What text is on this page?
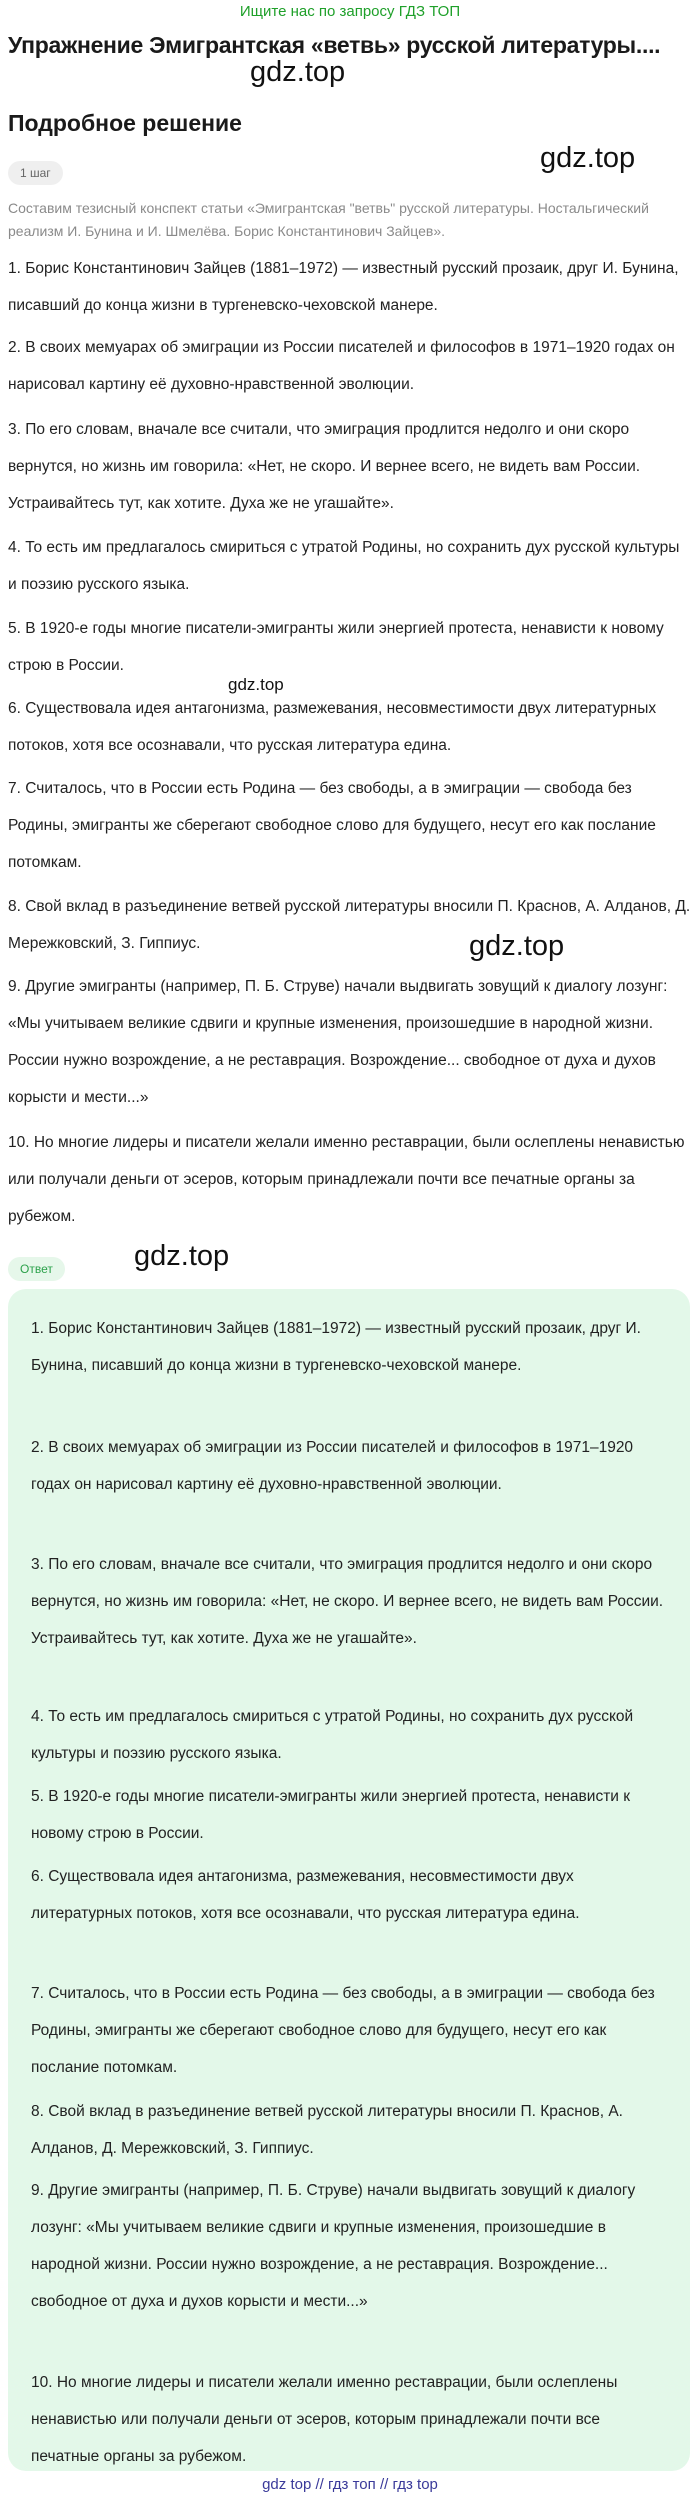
Ищите нас по запросу ГДЗ ТОП
Упражнение Эмигрантская «ветвь» русской литературы....
gdz.top
gdz.top
gdz.top
gdz.top
gdz.top
Подробное решение
1 шаг
Составим тезисный конспект статьи «Эмигрантская "ветвь" русской литературы. Ностальгический реализм И. Бунина и И. Шмелёва. Борис Константинович Зайцев».
1. Борис Константинович Зайцев (1881–1972) — известный русский прозаик, друг И. Бунина, писавший до конца жизни в тургеневско-чеховской манере.
2. В своих мемуарах об эмиграции из России писателей и философов в 1971–1920 годах он нарисовал картину её духовно-нравственной эволюции.
3. По его словам, вначале все считали, что эмиграция продлится недолго и они скоро вернутся, но жизнь им говорила: «Нет, не скоро. И вернее всего, не видеть вам России. Устраивайтесь тут, как хотите. Духа же не угашайте».
4. То есть им предлагалось смириться с утратой Родины, но сохранить дух русской культуры и поэзию русского языка.
5. В 1920-е годы многие писатели-эмигранты жили энергией протеста, ненависти к новому строю в России.
6. Существовала идея антагонизма, размежевания, несовместимости двух литературных потоков, хотя все осознавали, что русская литература едина.
7. Считалось, что в России есть Родина — без свободы, а в эмиграции — свобода без Родины, эмигранты же сберегают свободное слово для будущего, несут его как послание потомкам.
8. Свой вклад в разъединение ветвей русской литературы вносили П. Краснов, А. Алданов, Д. Мережковский, З. Гиппиус.
9. Другие эмигранты (например, П. Б. Струве) начали выдвигать зовущий к диалогу лозунг: «Мы учитываем великие сдвиги и крупные изменения, произошедшие в народной жизни. России нужно возрождение, а не реставрация. Возрождение... свободное от духа и духов корысти и мести...»
10. Но многие лидеры и писатели желали именно реставрации, были ослеплены ненавистью или получали деньги от эсеров, которым принадлежали почти все печатные органы за рубежом.
Ответ
1. Борис Константинович Зайцев (1881–1972) — известный русский прозаик, друг И. Бунина, писавший до конца жизни в тургеневско-чеховской манере.
2. В своих мемуарах об эмиграции из России писателей и философов в 1971–1920 годах он нарисовал картину её духовно-нравственной эволюции.
3. По его словам, вначале все считали, что эмиграция продлится недолго и они скоро вернутся, но жизнь им говорила: «Нет, не скоро. И вернее всего, не видеть вам России. Устраивайтесь тут, как хотите. Духа же не угашайте».
4. То есть им предлагалось смириться с утратой Родины, но сохранить дух русской культуры и поэзию русского языка.
5. В 1920-е годы многие писатели-эмигранты жили энергией протеста, ненависти к новому строю в России.
6. Существовала идея антагонизма, размежевания, несовместимости двух литературных потоков, хотя все осознавали, что русская литература едина.
7. Считалось, что в России есть Родина — без свободы, а в эмиграции — свобода без Родины, эмигранты же сберегают свободное слово для будущего, несут его как послание потомкам.
8. Свой вклад в разъединение ветвей русской литературы вносили П. Краснов, А. Алданов, Д. Мережковский, З. Гиппиус.
9. Другие эмигранты (например, П. Б. Струве) начали выдвигать зовущий к диалогу лозунг: «Мы учитываем великие сдвиги и крупные изменения, произошедшие в народной жизни. России нужно возрождение, а не реставрация. Возрождение... свободное от духа и духов корысти и мести...»
10. Но многие лидеры и писатели желали именно реставрации, были ослеплены ненавистью или получали деньги от эсеров, которым принадлежали почти все печатные органы за рубежом.
gdz top // гдз топ // гдз top
